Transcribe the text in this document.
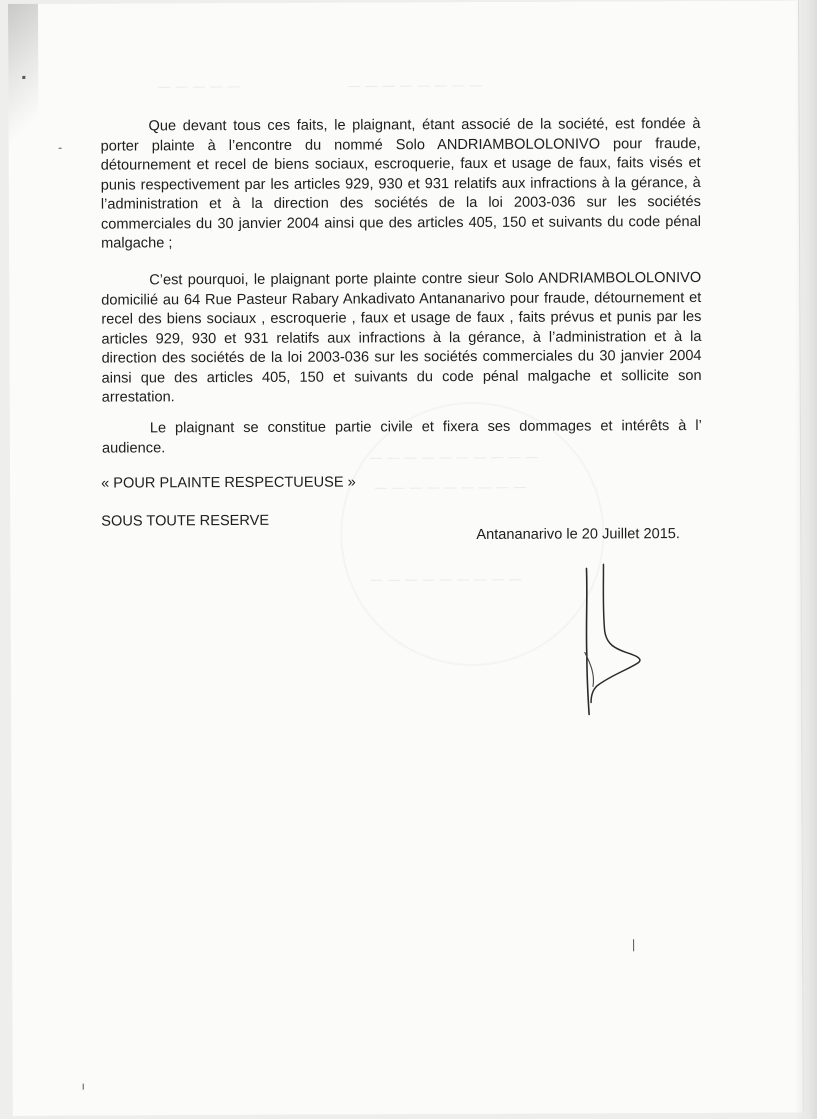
— — — — — — — —
— — — — —
— — — — — — — — — —
— — — — — — — — —
— — — — — — — — —

Que devant tous ces faits, le plaignant, étant associé de la société, est fondée à porter plainte à l’encontre du nommé Solo ANDRIAMBOLOLONIVO pour fraude, détournement et recel de biens sociaux, escroquerie, faux et usage de faux, faits visés et punis respectivement par les articles 929, 930 et 931 relatifs aux infractions à la gérance, à l’administration et à la direction des sociétés de la loi 2003-036 sur les sociétés commerciales du 30 janvier 2004 ainsi que des articles 405, 150 et suivants du code pénal malgache ;

C’est pourquoi, le plaignant porte plainte contre sieur Solo ANDRIAMBOLOLONIVO domicilié au 64 Rue Pasteur Rabary Ankadivato Antananarivo pour fraude, détournement et recel des biens sociaux , escroquerie , faux et usage de faux , faits prévus et punis par les articles 929, 930 et 931 relatifs aux infractions à la gérance, à l’administration et à la direction des sociétés de la loi 2003-036 sur les sociétés commerciales du 30 janvier 2004 ainsi que des articles 405, 150 et suivants du code pénal malgache et sollicite son arrestation.

Le plaignant se constitue partie civile et fixera ses dommages et intérêts à l’ audience.

« POUR PLAINTE RESPECTUEUSE »
SOUS TOUTE RESERVE
Antananarivo le 20 Juillet 2015.
